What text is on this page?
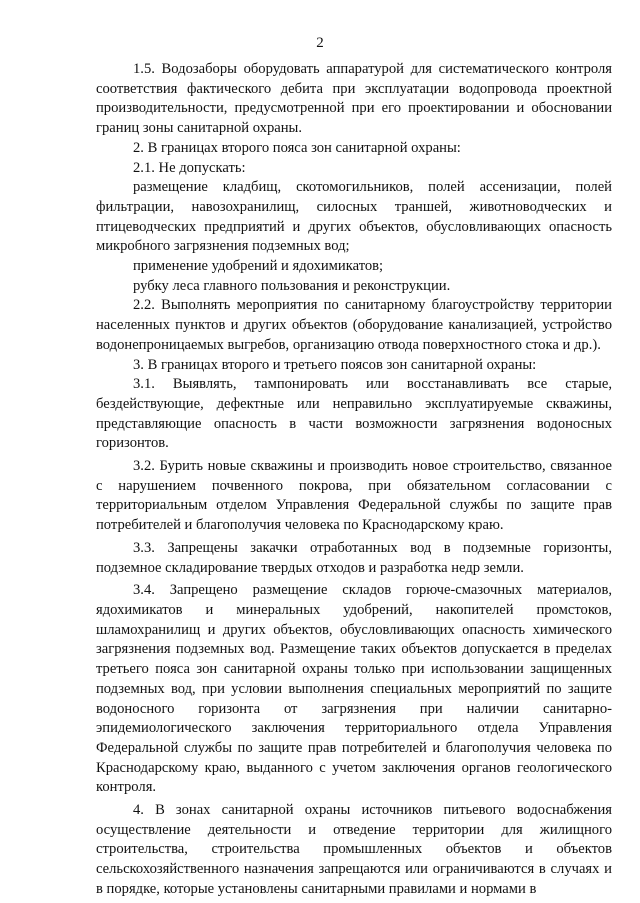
2

1.5. Водозаборы оборудовать аппаратурой для систематического контроля соответствия фактического дебита при эксплуатации водопровода проектной производительности, предусмотренной при его проектировании и обосновании границ зоны санитарной охраны.

2. В границах второго пояса зон санитарной охраны:

2.1. Не допускать:

размещение кладбищ, скотомогильников, полей ассенизации, полей фильтрации, навозохранилищ, силосных траншей, животноводческих и птицеводческих предприятий и других объектов, обусловливающих опасность микробного загрязнения подземных вод;

применение удобрений и ядохимикатов;

рубку леса главного пользования и реконструкции.

2.2. Выполнять мероприятия по санитарному благоустройству территории населенных пунктов и других объектов (оборудование канализацией, устройство водонепроницаемых выгребов, организацию отвода поверхностного стока и др.).

3. В границах второго и третьего поясов зон санитарной охраны:

3.1. Выявлять, тампонировать или восстанавливать все старые, бездействующие, дефектные или неправильно эксплуатируемые скважины, представляющие опасность в части возможности загрязнения водоносных горизонтов.

3.2. Бурить новые скважины и производить новое строительство, связанное с нарушением почвенного покрова, при обязательном согласовании с территориальным отделом Управления Федеральной службы по защите прав потребителей и благополучия человека по Краснодарскому краю.

3.3. Запрещены закачки отработанных вод в подземные горизонты, подземное складирование твердых отходов и разработка недр земли.

3.4. Запрещено размещение складов горюче-смазочных материалов, ядохимикатов и минеральных удобрений, накопителей промстоков, шламохранилищ и других объектов, обусловливающих опасность химического загрязнения подземных вод. Размещение таких объектов допускается в пределах третьего пояса зон санитарной охраны только при использовании защищенных подземных вод, при условии выполнения специальных мероприятий по защите водоносного горизонта от загрязнения при наличии санитарно-эпидемиологического заключения территориального отдела Управления Федеральной службы по защите прав потребителей и благополучия человека по Краснодарскому краю, выданного с учетом заключения органов геологического контроля.

4. В зонах санитарной охраны источников питьевого водоснабжения осуществление деятельности и отведение территории для жилищного строительства, строительства промышленных объектов и объектов сельскохозяйственного назначения запрещаются или ограничиваются в случаях и в порядке, которые установлены санитарными правилами и нормами в
